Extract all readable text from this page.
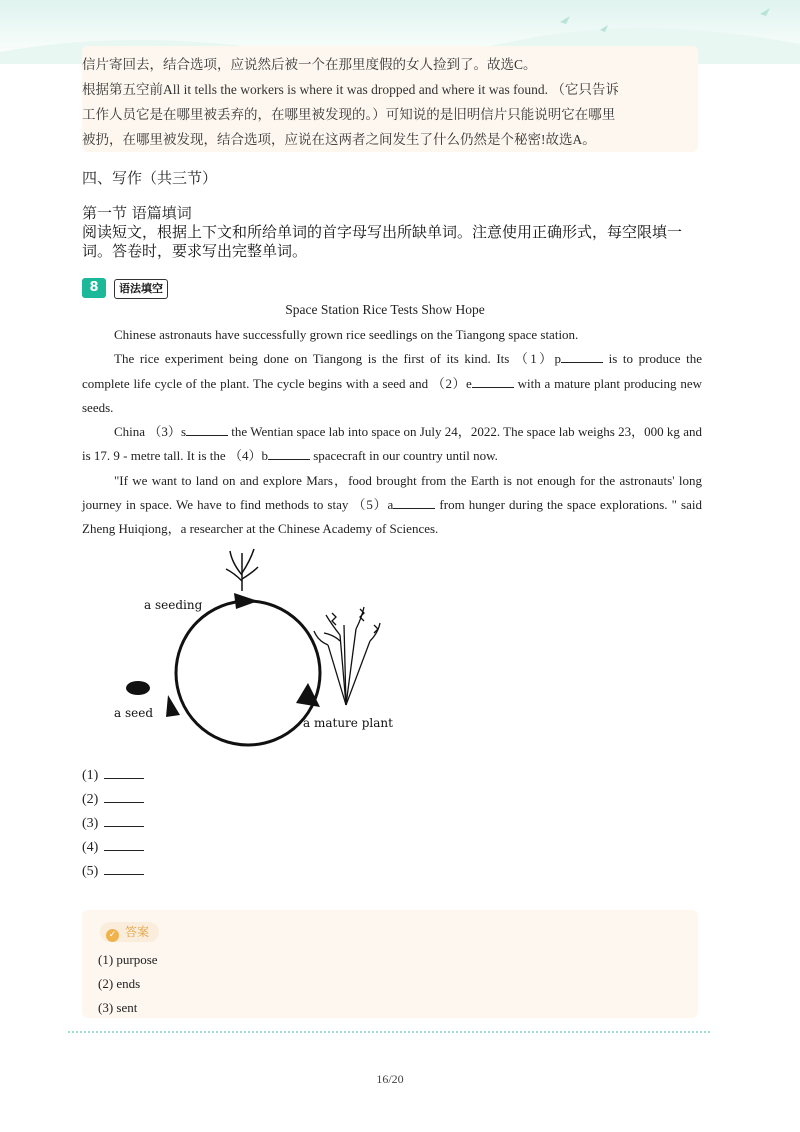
信片寄回去，结合选项，应说然后被一个在那里度假的女人捡到了。故选C。

根据第五空前All it tells the workers is where it was dropped and where it was found. （它只告诉

工作人员它是在哪里被丢弃的，在哪里被发现的。）可知说的是旧明信片只能说明它在哪里

被扔，在哪里被发现，结合选项，应说在这两者之间发生了什么仍然是个秘密!故选A。

四、写作（共三节）
第一节 语篇填词
阅读短文，根据上下文和所给单词的首字母写出所缺单词。注意使用正确形式，每空限填一词。答卷时，要求写出完整单词。
8	语法填空
Space Station Rice Tests Show Hope

Chinese astronauts have successfully grown rice seedlings on the Tiangong space station.

The rice experiment being done on Tiangong is the first of its kind. Its （1）p	is to produce the complete life cycle of the plant. The cycle begins with a seed and （2）e	with a mature plant producing new seeds.

China （3）s	the Wentian space lab into space on July 24，2022. The space lab weighs 23，000 kg and is 17. 9 ‐ metre tall. It is the （4）b	spacecraft in our country until now.

"If we want to land on and explore Mars，food brought from the Earth is not enough for the astronauts' long journey in space. We have to find methods to stay （5）a	from hunger during the space explorations. " said Zheng Huiqiong，a researcher at the Chinese Academy of Sciences.

a seeding
a seed
a mature plant
(1)
(2)
(3)
(4)
(5)
✓ 答案
(1) purpose
(2) ends
(3) sent
16/20
